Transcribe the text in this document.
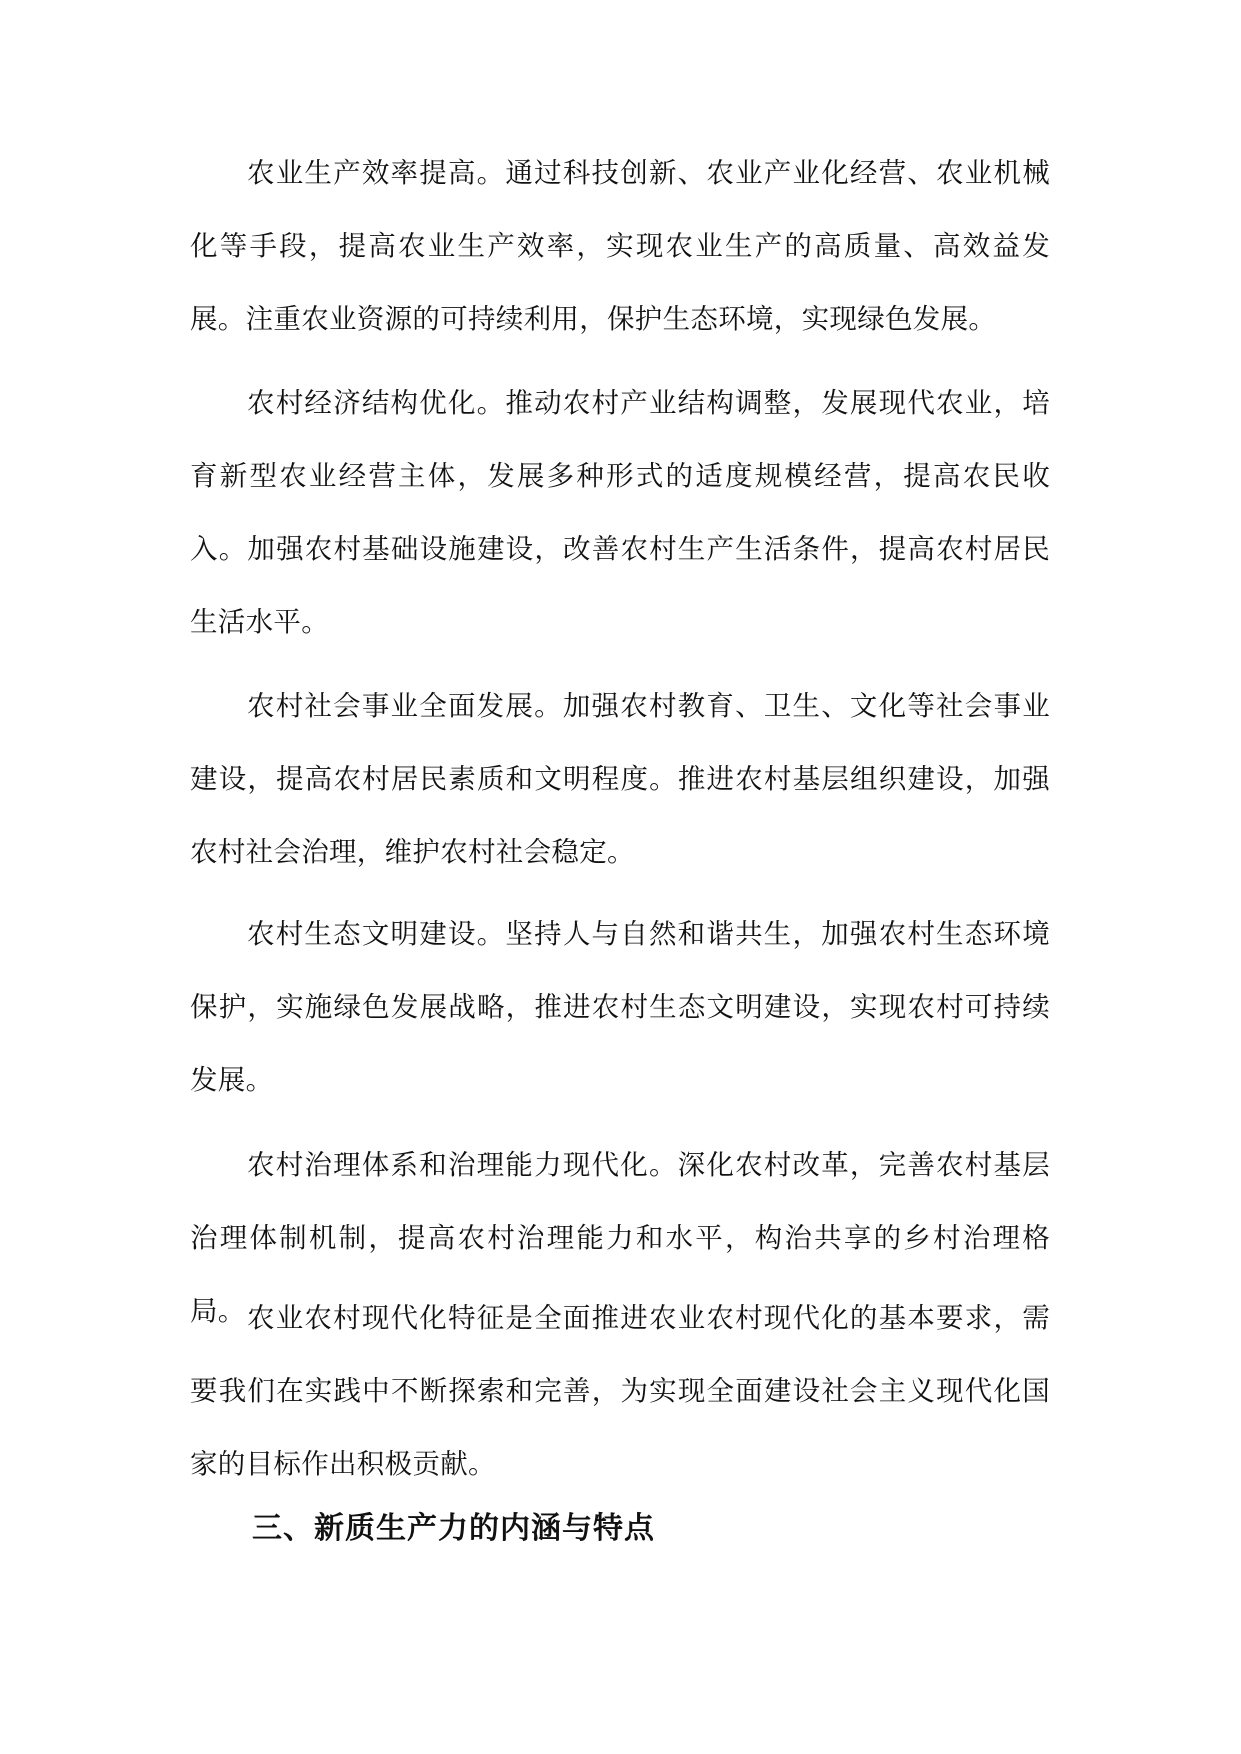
农业生产效率提高。通过科技创新、农业产业化经营、农业机械化等手段，提高农业生产效率，实现农业生产的高质量、高效益发展。注重农业资源的可持续利用，保护生态环境，实现绿色发展。

农村经济结构优化。推动农村产业结构调整，发展现代农业，培育新型农业经营主体，发展多种形式的适度规模经营，提高农民收入。加强农村基础设施建设，改善农村生产生活条件，提高农村居民生活水平。

农村社会事业全面发展。加强农村教育、卫生、文化等社会事业建设，提高农村居民素质和文明程度。推进农村基层组织建设，加强农村社会治理，维护农村社会稳定。

农村生态文明建设。坚持人与自然和谐共生，加强农村生态环境保护，实施绿色发展战略，推进农村生态文明建设，实现农村可持续发展。

农村治理体系和治理能力现代化。深化农村改革，完善农村基层治理体制机制，提高农村治理能力和水平，构治共享的乡村治理格局。 农业农村现代化特征是全面推进农业农村现代化的基本要求，需要我们在实践中不断探索和完善，为实现全面建设社会主义现代化国家的目标作出积极贡献。

三、新质生产力的内涵与特点
